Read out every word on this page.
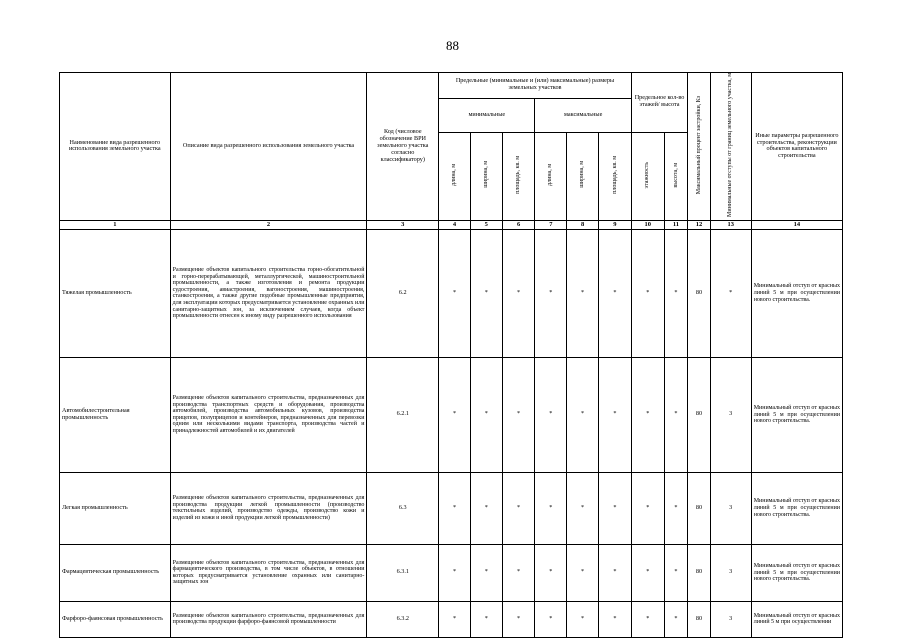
88
Наименование вида разрешенного использования земельного участка	Описание вида разрешенного использования земельного участка	Код (числовое обозначение ВРИ земельного участка согласно классификатору)	Предельные (минимальные и (или) максимальные) размеры земельных участков						Предельное кол-во этажей/ высота		Максимальный процент застройки, Кз	Минимальные отступы от границ земельного участка, м	Иные параметры разрешенного строительства, реконструкции объектов капитального строительства
			минимальные			максимальные							
			длина, м	ширина, м	площадь, кв. м	длина, м	ширина, м	площадь, кв. м	этажность	высота, м			
1	2	3	4	5	6	7	8	9	10	11	12	13	14
Тяжелая промышленность	Размещение объектов капитального строительства горно-обогатительной и горно-перерабатывающей, металлургической, машиностроительной промышленности, а также изготовления и ремонта продукции судостроения, авиастроения, вагоностроения, машиностроения, станкостроения, а также другие подобные промышленные предприятия, для эксплуатации которых предусматривается установление охранных или санитарно-защитных зон, за исключением случаев, когда объект промышленности отнесен к иному виду разрешенного использования	6.2	*	*	*	*	*	*	*	*	80	*	Минимальный отступ от красных линий 5 м при осуществлении нового строительства.
Автомобилестроительная промышленность	Размещение объектов капитального строительства, предназначенных для производства транспортных средств и оборудования, производства автомобилей, производства автомобильных кузовов, производства прицепов, полуприцепов и контейнеров, предназначенных для перевозки одним или несколькими видами транспорта, производства частей и принадлежностей автомобилей и их двигателей	6.2.1	*	*	*	*	*	*	*	*	80	3	Минимальный отступ от красных линий 5 м при осуществлении нового строительства.
Легкая промышленность	Размещение объектов капитального строительства, предназначенных для производства продукции легкой промышленности (производство текстильных изделий, производство одежды, производство кожи и изделий из кожи и иной продукции легкой промышленности)	6.3	*	*	*	*	*	*	*	*	80	3	Минимальный отступ от красных линий 5 м при осуществлении нового строительства.
Фармацевтическая промышленность	Размещение объектов капитального строительства, предназначенных для фармацевтического производства, в том числе объектов, в отношении которых предусматривается установление охранных или санитарно-защитных зон	6.3.1	*	*	*	*	*	*	*	*	80	3	Минимальный отступ от красных линий 5 м при осуществлении нового строительства.
Фарфоро-фаянсовая промышленность	Размещение объектов капитального строительства, предназначенных для производства продукции фарфоро-фаянсовой промышленности	6.3.2	*	*	*	*	*	*	*	*	80	3	Минимальный отступ от красных линий 5 м при осуществлении
